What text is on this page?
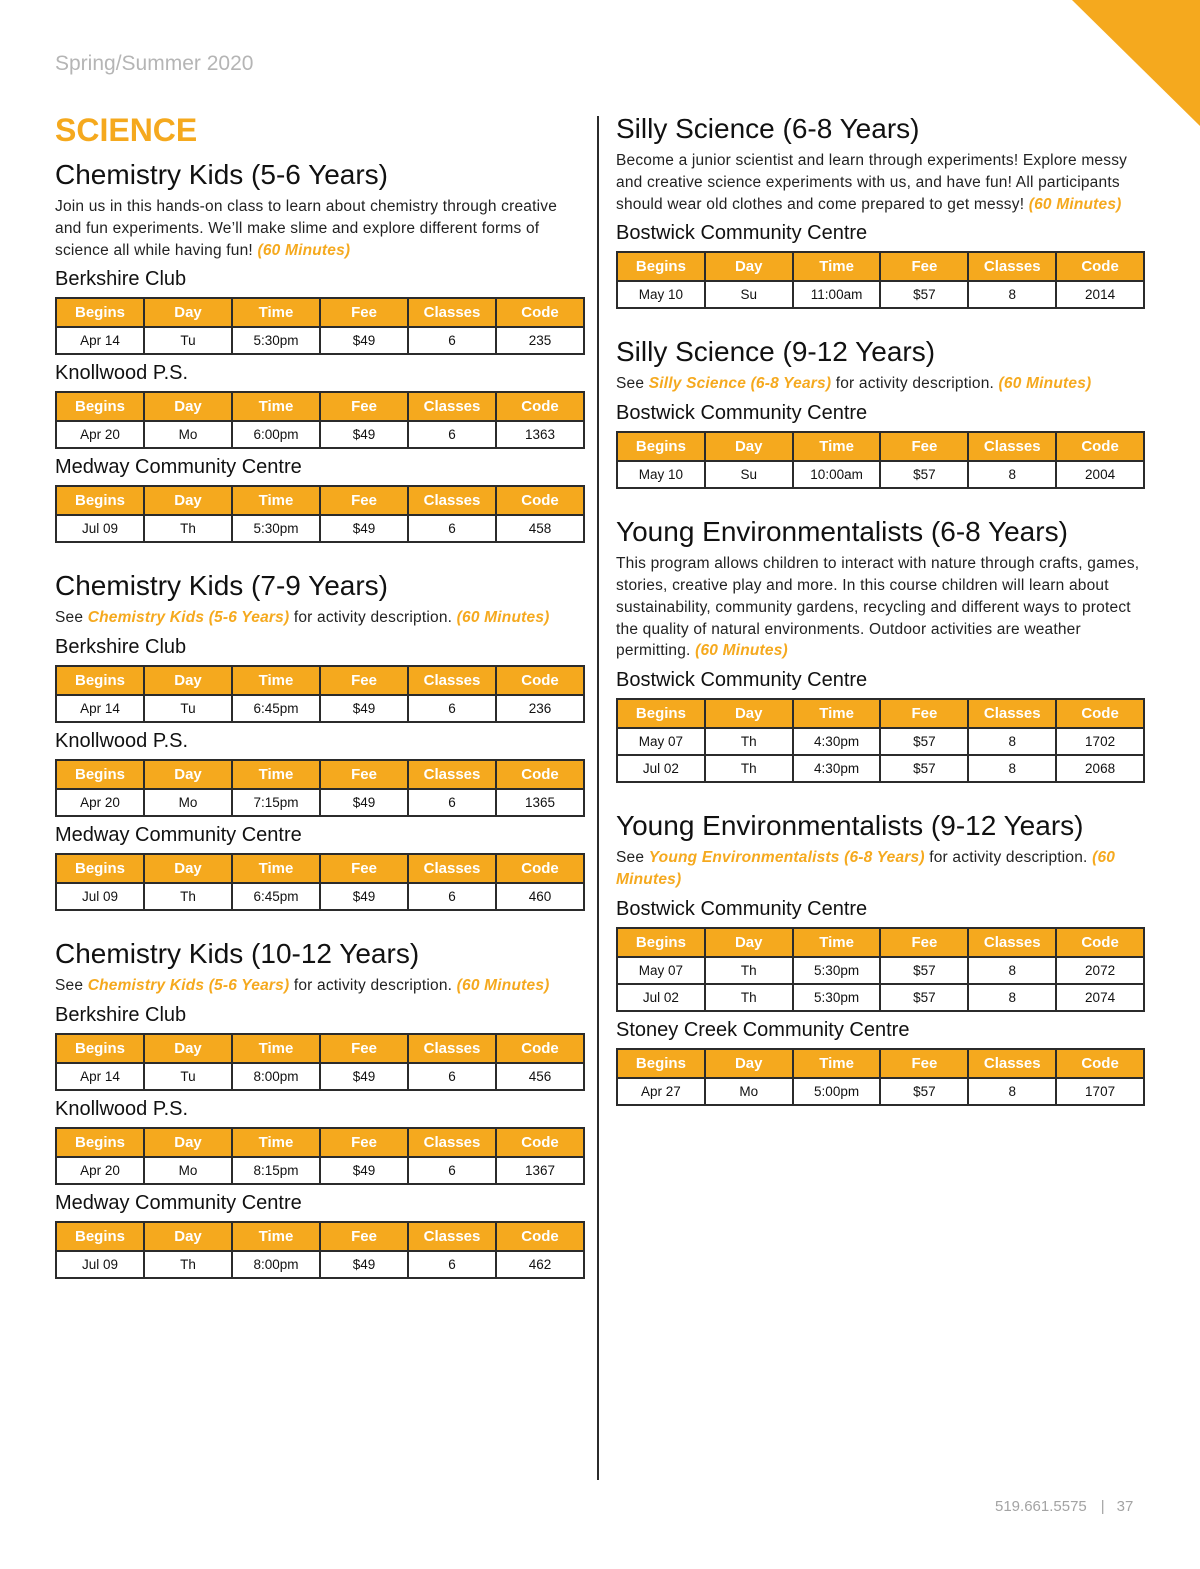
Spring/Summer 2020
SCIENCE
Chemistry Kids (5-6 Years)

Join us in this hands-on class to learn about chemistry through creative and fun experiments. We’ll make slime and explore different forms of science all while having fun! (60 Minutes)

Berkshire Club
Begins	Day	Time	Fee	Classes	Code
Apr 14	Tu	5:30pm	$49	6	235
Knollwood P.S.
Begins	Day	Time	Fee	Classes	Code
Apr 20	Mo	6:00pm	$49	6	1363
Medway Community Centre
Begins	Day	Time	Fee	Classes	Code
Jul 09	Th	5:30pm	$49	6	458
Chemistry Kids (7-9 Years)

See Chemistry Kids (5-6 Years) for activity description. (60 Minutes)

Berkshire Club
Begins	Day	Time	Fee	Classes	Code
Apr 14	Tu	6:45pm	$49	6	236
Knollwood P.S.
Begins	Day	Time	Fee	Classes	Code
Apr 20	Mo	7:15pm	$49	6	1365
Medway Community Centre
Begins	Day	Time	Fee	Classes	Code
Jul 09	Th	6:45pm	$49	6	460
Chemistry Kids (10-12 Years)

See Chemistry Kids (5-6 Years) for activity description. (60 Minutes)

Berkshire Club
Begins	Day	Time	Fee	Classes	Code
Apr 14	Tu	8:00pm	$49	6	456
Knollwood P.S.
Begins	Day	Time	Fee	Classes	Code
Apr 20	Mo	8:15pm	$49	6	1367
Medway Community Centre
Begins	Day	Time	Fee	Classes	Code
Jul 09	Th	8:00pm	$49	6	462
Silly Science (6-8 Years)

Become a junior scientist and learn through experiments! Explore messy and creative science experiments with us, and have fun! All participants should wear old clothes and come prepared to get messy! (60 Minutes)

Bostwick Community Centre
Begins	Day	Time	Fee	Classes	Code
May 10	Su	11:00am	$57	8	2014
Silly Science (9-12 Years)

See Silly Science (6-8 Years) for activity description. (60 Minutes)

Bostwick Community Centre
Begins	Day	Time	Fee	Classes	Code
May 10	Su	10:00am	$57	8	2004
Young Environmentalists (6-8 Years)

This program allows children to interact with nature through crafts, games, stories, creative play and more. In this course children will learn about sustainability, community gardens, recycling and different ways to protect the quality of natural environments. Outdoor activities are weather permitting. (60 Minutes)

Bostwick Community Centre
Begins	Day	Time	Fee	Classes	Code
May 07	Th	4:30pm	$57	8	1702
Jul 02	Th	4:30pm	$57	8	2068
Young Environmentalists (9-12 Years)

See Young Environmentalists (6-8 Years) for activity description. (60 Minutes)

Bostwick Community Centre
Begins	Day	Time	Fee	Classes	Code
May 07	Th	5:30pm	$57	8	2072
Jul 02	Th	5:30pm	$57	8	2074
Stoney Creek Community Centre
Begins	Day	Time	Fee	Classes	Code
Apr 27	Mo	5:00pm	$57	8	1707
519.661.5575 | 37
